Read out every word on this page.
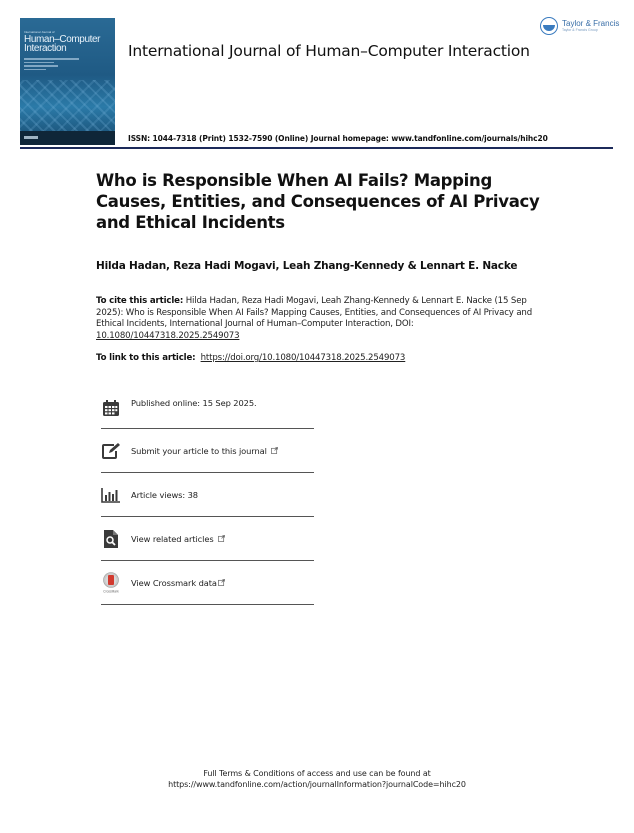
International Journal of
Human–Computer
Interaction
Taylor & Francis
Taylor & Francis Group
International Journal of Human–Computer Interaction
ISSN: 1044-7318 (Print) 1532-7590 (Online) Journal homepage: www.tandfonline.com/journals/hihc20
Who is Responsible When AI Fails? Mapping Causes, Entities, and Consequences of AI Privacy and Ethical Incidents
Hilda Hadan, Reza Hadi Mogavi, Leah Zhang-Kennedy & Lennart E. Nacke
To cite this article: Hilda Hadan, Reza Hadi Mogavi, Leah Zhang-Kennedy & Lennart E. Nacke (15 Sep 2025): Who is Responsible When AI Fails? Mapping Causes, Entities, and Consequences of AI Privacy and Ethical Incidents, International Journal of Human–Computer Interaction, DOI: 10.1080/10447318.2025.2549073
To link to this article: https://doi.org/10.1080/10447318.2025.2549073
Published online: 15 Sep 2025.
Submit your article to this journal
Article views: 38
View related articles
CrossMark
View Crossmark data
Full Terms & Conditions of access and use can be found at
https://www.tandfonline.com/action/journalInformation?journalCode=hihc20
